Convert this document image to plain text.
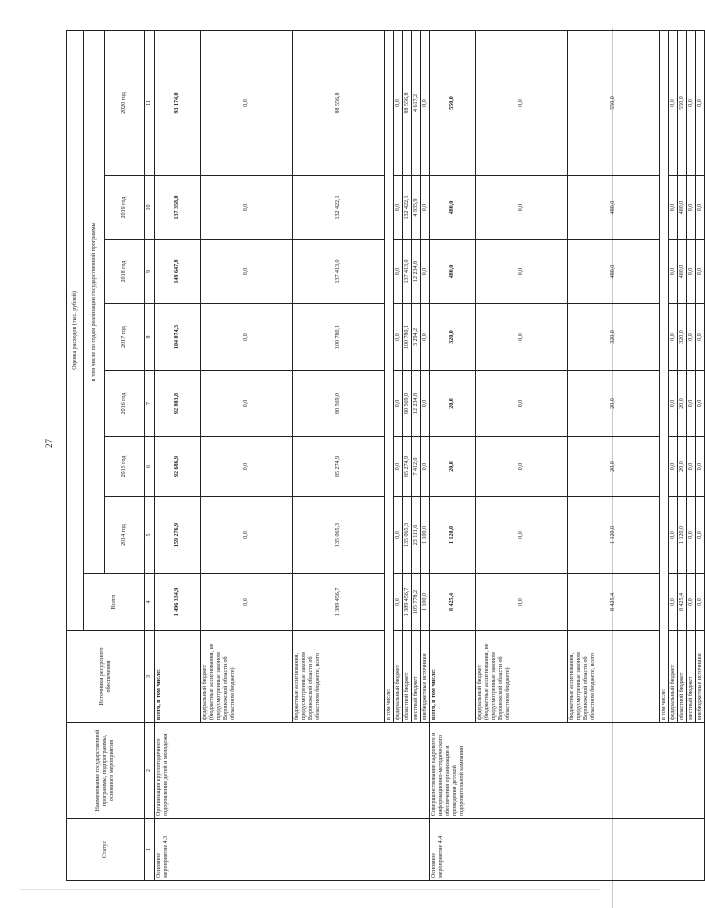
27
Статус	Наименование государственной программы, подпрограммы, основного мероприятия	Источники ресурсного обеспечения	Оценка расходов (тыс. рублей)							
			Всего	в том числе по годам реализации государственной программы						
				2014 год	2015 год	2016 год	2017 год	2018 год	2019 год	2020 год
1	2	3	4	5	6	7	8	9	10	11
Основное мероприятие 4.3	Организация круглогодичного оздоровления детей и молодежи	всего, в том числе:	1 496 334,9	159 276,9	92 686,9	92 803,8	104 074,3	149 647,8	137 358,0	93 174,0
		федеральный бюджет (бюджетные ассигнования, не предусмотренные законом Воронежской области об областном бюджете)	0,0	0,0	0,0	0,0	0,0	0,0	0,0	0,0
		бюджетные ассигнования, предусмотренные законом Воронежской области об областном бюджете, всего	1 389 456,7	135 065,3	85 274,9	80 569,0	100 780,1	137 413,0	132 422,1	88 556,8
		в том числе:								
		федеральный бюджет	0,0	0,0	0,0	0,0	0,0	0,0	0,0	0,0
		областной бюджет	1 389 456,7	135 065,3	85 274,9	80 569,0	100 780,1	137 413,0	132 422,1	88 556,8
		местный бюджет	105 778,2	23 111,6	7 412,0	12 234,8	3 294,2	12 234,8	4 935,9	4 617,2
		внебюджетные источники	1 100,0	1 100,0	0,0	0,0	0,0	0,0	0,0	0,0
Основное мероприятие 4.4	Совершенствование кадрового и информационно-методического обеспечения организации и проведения детской оздоровительной кампании	всего, в том числе:	8 425,4	1 120,0	20,0	20,0	320,0	480,0	480,0	550,0
		федеральный бюджет (бюджетные ассигнования, не предусмотренные законом Воронежской области об областном бюджете)	0,0	0,0	0,0	0,0	0,0	0,0	0,0	0,0
		бюджетные ассигнования, предусмотренные законом Воронежской области об областном бюджете, всего	8 425,4	1 120,0	20,0	20,0	320,0	480,0	480,0	550,0
		в том числе:								
		федеральный бюджет	0,0	0,0	0,0	0,0	0,0	0,0	0,0	0,0
		областной бюджет	8 425,4	1 120,0	20,0	20,0	320,0	480,0	480,0	550,0
		местный бюджет	0,0	0,0	0,0	0,0	0,0	0,0	0,0	0,0
		внебюджетные источники	0,0	0,0	0,0	0,0	0,0	0,0	0,0	0,0
